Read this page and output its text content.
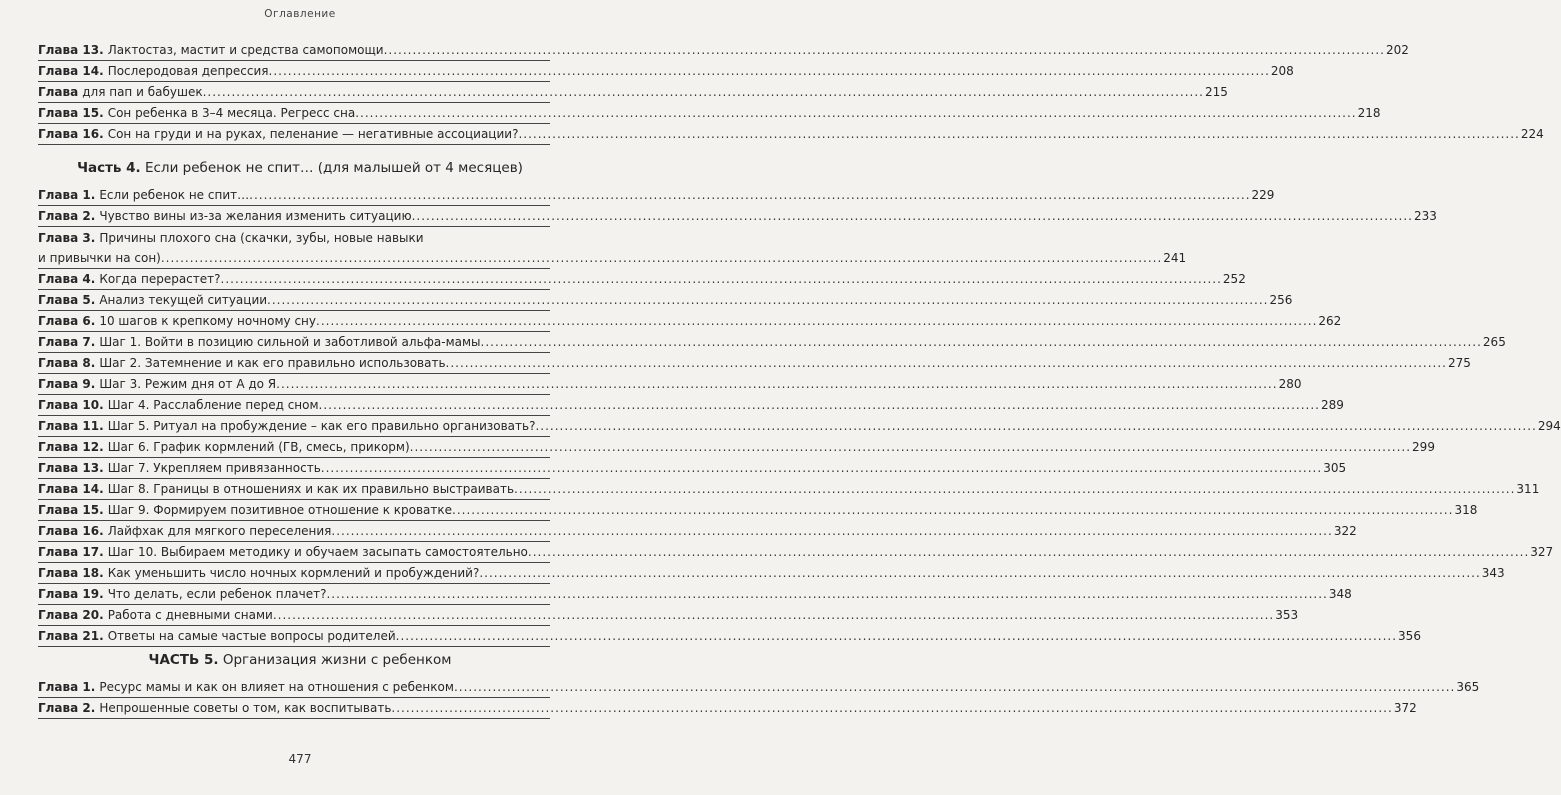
Оглавление
Глава 13. Лактостаз, мастит и средства самопомощи .....	202
Глава 14. Послеродовая депрессия .....	208
Глава для пап и бабушек .....	215
Глава 15. Сон ребенка в 3–4 месяца. Регресс сна .....	218
Глава 16. Сон на груди и на руках, пеленание — негативные ассоциации? .....	224
Часть 4. Если ребенок не спит… (для малышей от 4 месяцев)
Глава 1. Если ребенок не спит… .....	229
Глава 2. Чувство вины из-за желания изменить ситуацию .....	233
Глава 3. Причины плохого сна (скачки, зубы, новые навыки
и привычки на сон) .....	241
Глава 4. Когда перерастет? .....	252
Глава 5. Анализ текущей ситуации .....	256
Глава 6. 10 шагов к крепкому ночному сну .....	262
Глава 7. Шаг 1. Войти в позицию сильной и заботливой альфа-мамы .....	265
Глава 8. Шаг 2. Затемнение и как его правильно использовать .....	275
Глава 9. Шаг 3. Режим дня от А до Я .....	280
Глава 10. Шаг 4. Расслабление перед сном .....	289
Глава 11. Шаг 5. Ритуал на пробуждение – как его правильно организовать? .....	294
Глава 12. Шаг 6. График кормлений (ГВ, смесь, прикорм) .....	299
Глава 13. Шаг 7. Укрепляем привязанность .....	305
Глава 14. Шаг 8. Границы в отношениях и как их правильно выстраивать .....	311
Глава 15. Шаг 9. Формируем позитивное отношение к кроватке .....	318
Глава 16. Лайфхак для мягкого переселения .....	322
Глава 17. Шаг 10. Выбираем методику и обучаем засыпать самостоятельно .....	327
Глава 18. Как уменьшить число ночных кормлений и пробуждений? .....	343
Глава 19. Что делать, если ребенок плачет? .....	348
Глава 20. Работа с дневными снами .....	353
Глава 21. Ответы на самые частые вопросы родителей .....	356
ЧАСТЬ 5. Организация жизни с ребенком
Глава 1. Ресурс мамы и как он влияет на отношения с ребенком .....	365
Глава 2. Непрошенные советы о том, как воспитывать .....	372
477
